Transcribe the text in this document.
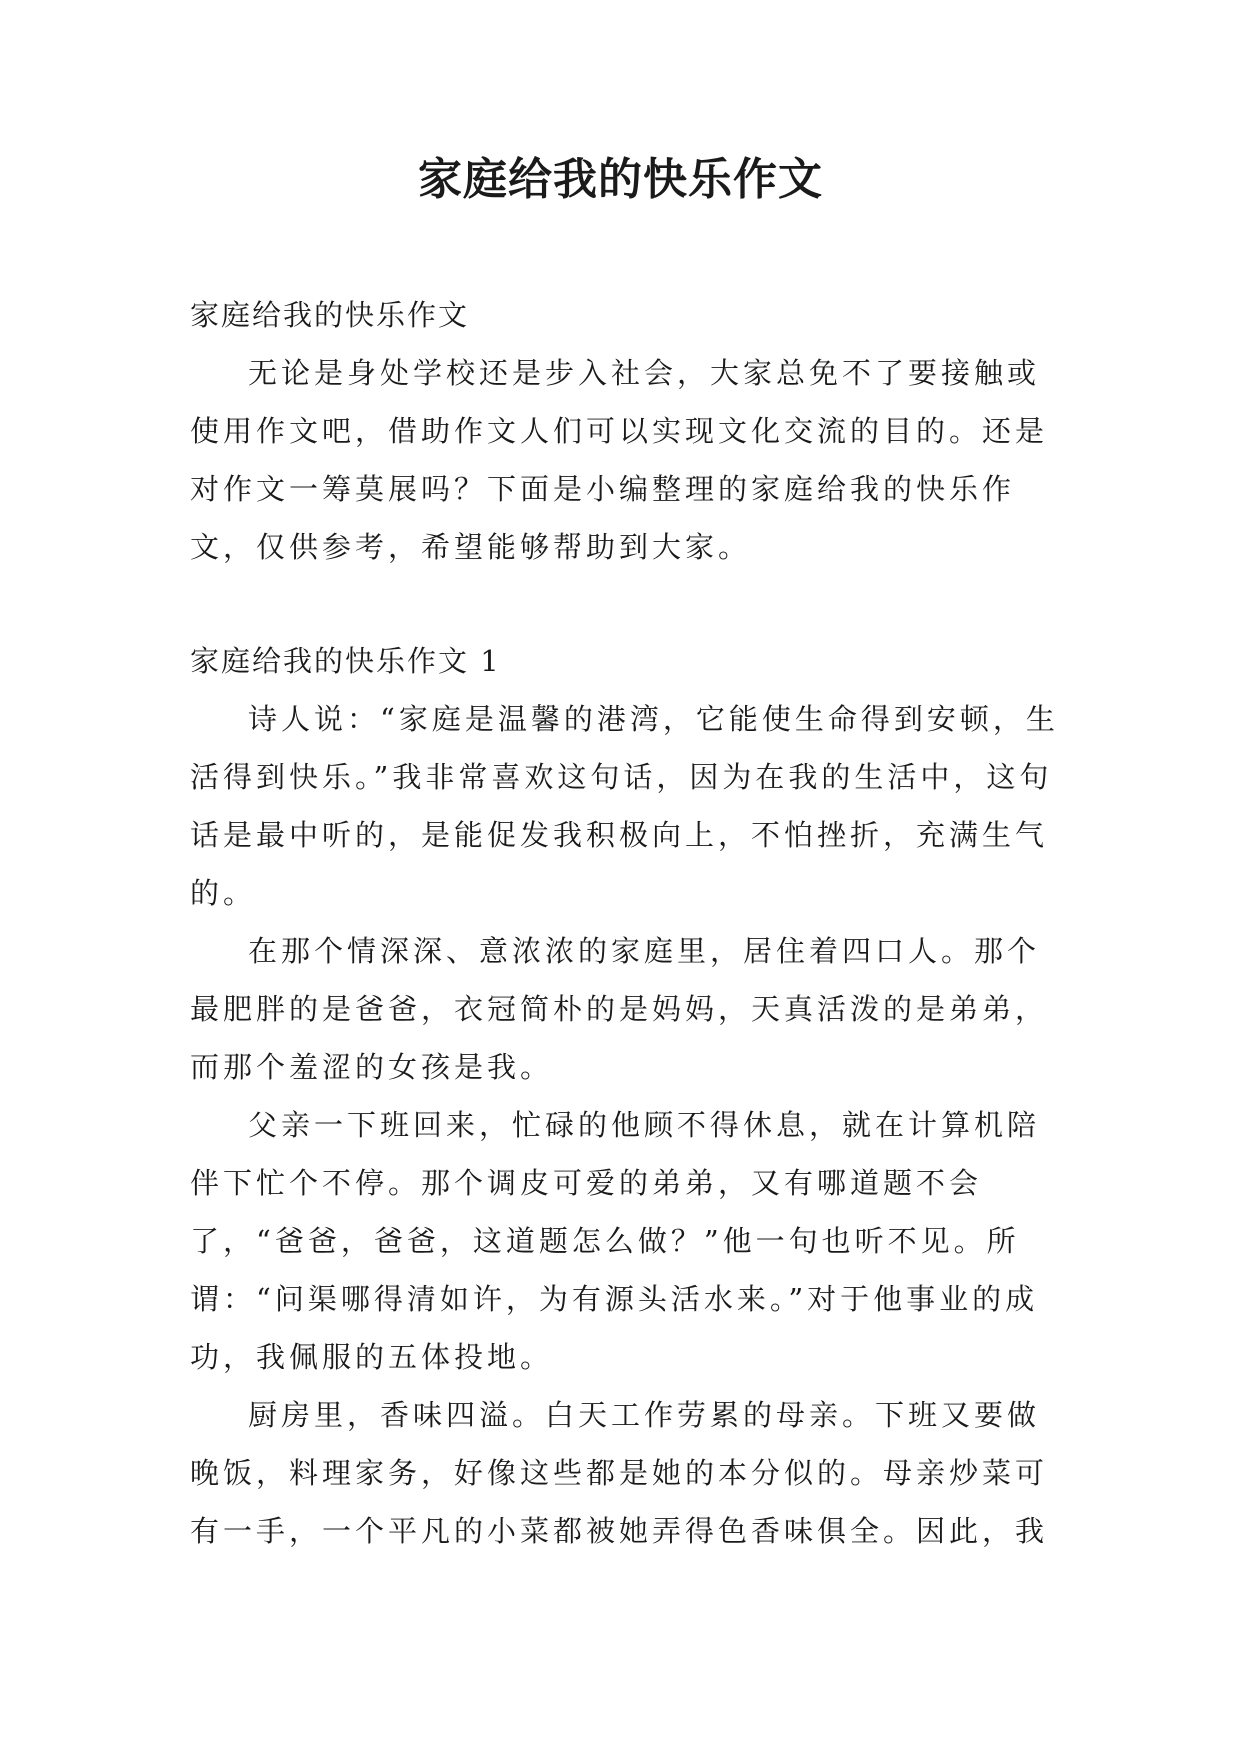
家庭给我的快乐作文

家庭给我的快乐作文

无论是身处学校还是步入社会，大家总免不了要接触或使用作文吧，借助作文人们可以实现文化交流的目的。还是对作文一筹莫展吗？下面是小编整理的家庭给我的快乐作文，仅供参考，希望能够帮助到大家。

家庭给我的快乐作文 1

诗人说：“家庭是温馨的港湾，它能使生命得到安顿，生活得到快乐。”我非常喜欢这句话，因为在我的生活中，这句话是最中听的，是能促发我积极向上，不怕挫折，充满生气的。

在那个情深深、意浓浓的家庭里，居住着四口人。那个最肥胖的是爸爸，衣冠简朴的是妈妈，天真活泼的是弟弟，而那个羞涩的女孩是我。

父亲一下班回来，忙碌的他顾不得休息，就在计算机陪伴下忙个不停。那个调皮可爱的弟弟，又有哪道题不会了，“爸爸，爸爸，这道题怎么做？”他一句也听不见。所谓：“问渠哪得清如许，为有源头活水来。”对于他事业的成功，我佩服的五体投地。

厨房里，香味四溢。白天工作劳累的母亲。下班又要做晚饭，料理家务，好像这些都是她的本分似的。母亲炒菜可有一手，一个平凡的小菜都被她弄得色香味俱全。因此，我
